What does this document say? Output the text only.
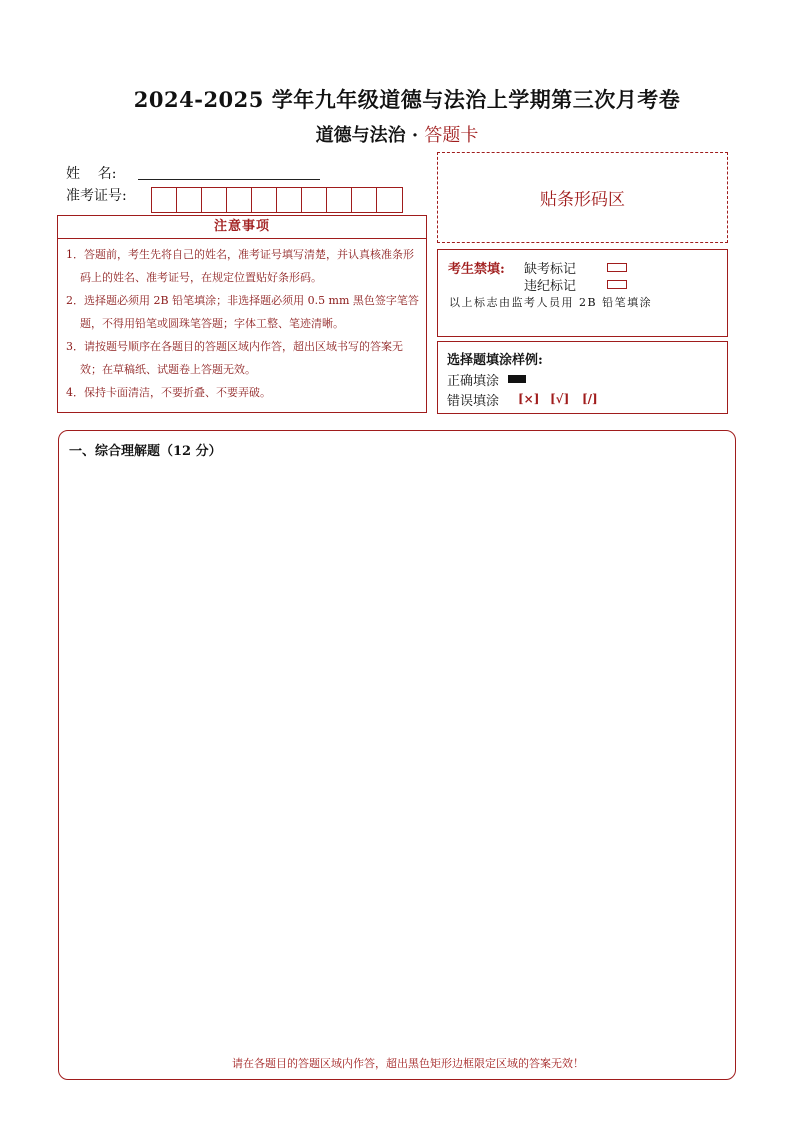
2024-2025 学年九年级道德与法治上学期第三次月考卷
道德与法治 · 答题卡
姓    名:
准考证号:
注意事项
1．答题前，考生先将自己的姓名，准考证号填写清楚，并认真核准条形码上的姓名、准考证号，在规定位置贴好条形码。
2．选择题必须用 2B 铅笔填涂；非选择题必须用 0.5 mm 黑色签字笔答题，不得用铅笔或圆珠笔答题；字体工整、笔迹清晰。
3．请按题号顺序在各题目的答题区域内作答，超出区域书写的答案无效；在草稿纸、试题卷上答题无效。
4．保持卡面清洁，不要折叠、不要弄破。
贴条形码区
考生禁填: 缺考标记
违纪标记
以上标志由监考人员用 2B 铅笔填涂
选择题填涂样例:
正确填涂
错误填涂 [×] [√] [/]
一、综合理解题（12 分）
请在各题目的答题区域内作答，超出黑色矩形边框限定区域的答案无效！
